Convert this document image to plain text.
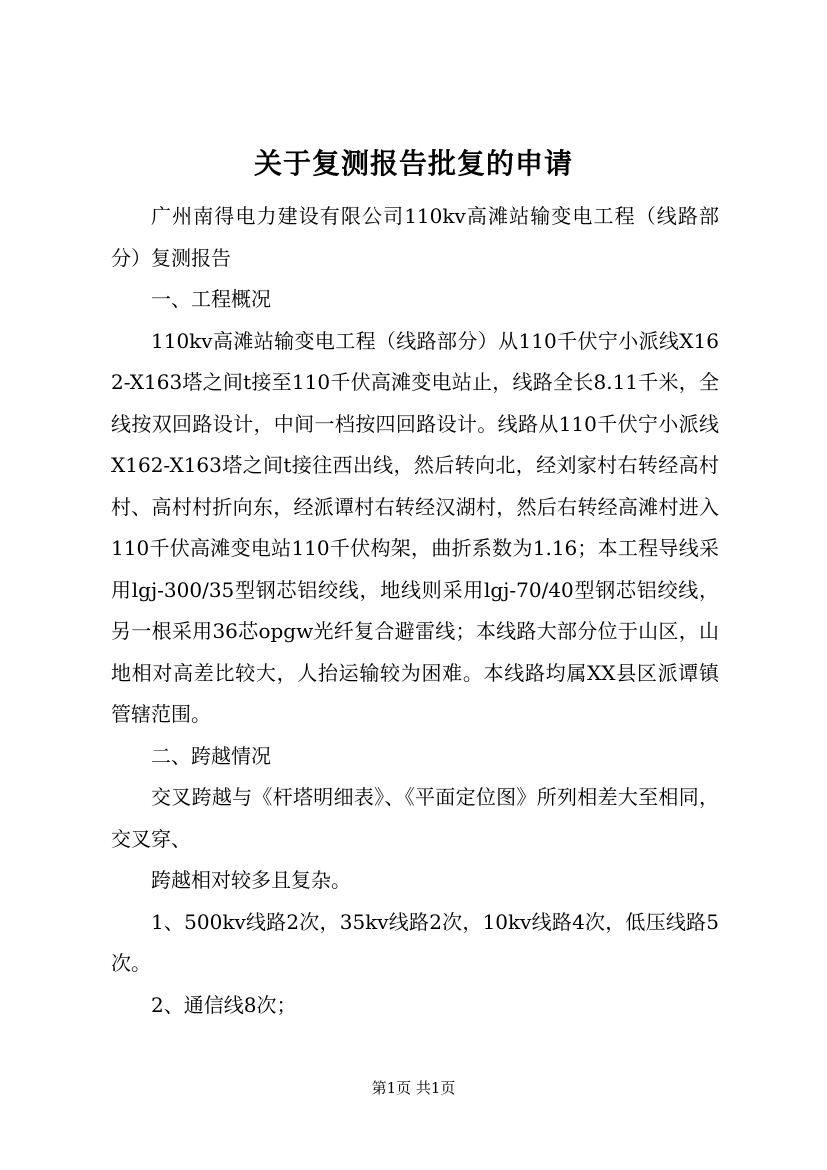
关于复测报告批复的申请

广州南得电力建设有限公司110kv高滩站输变电工程（线路部分）复测报告

一、工程概况

110kv高滩站输变电工程（线路部分）从110千伏宁小派线X162-X163塔之间t接至110千伏高滩变电站止，线路全长8.11千米，全线按双回路设计，中间一档按四回路设计。线路从110千伏宁小派线X162-X163塔之间t接往西出线，然后转向北，经刘家村右转经高村村、高村村折向东，经派谭村右转经汉湖村，然后右转经高滩村进入110千伏高滩变电站110千伏构架，曲折系数为1.16；本工程导线采用lgj-300/35型钢芯铝绞线，地线则采用lgj-70/40型钢芯铝绞线，另一根采用36芯opgw光纤复合避雷线；本线路大部分位于山区，山地相对高差比较大，人抬运输较为困难。本线路均属XX县区派谭镇管辖范围。

二、跨越情况

交叉跨越与《杆塔明细表》、《平面定位图》所列相差大至相同，交叉穿、

跨越相对较多且复杂。

1、500kv线路2次，35kv线路2次，10kv线路4次，低压线路5次。

2、通信线8次；

第1页 共1页
